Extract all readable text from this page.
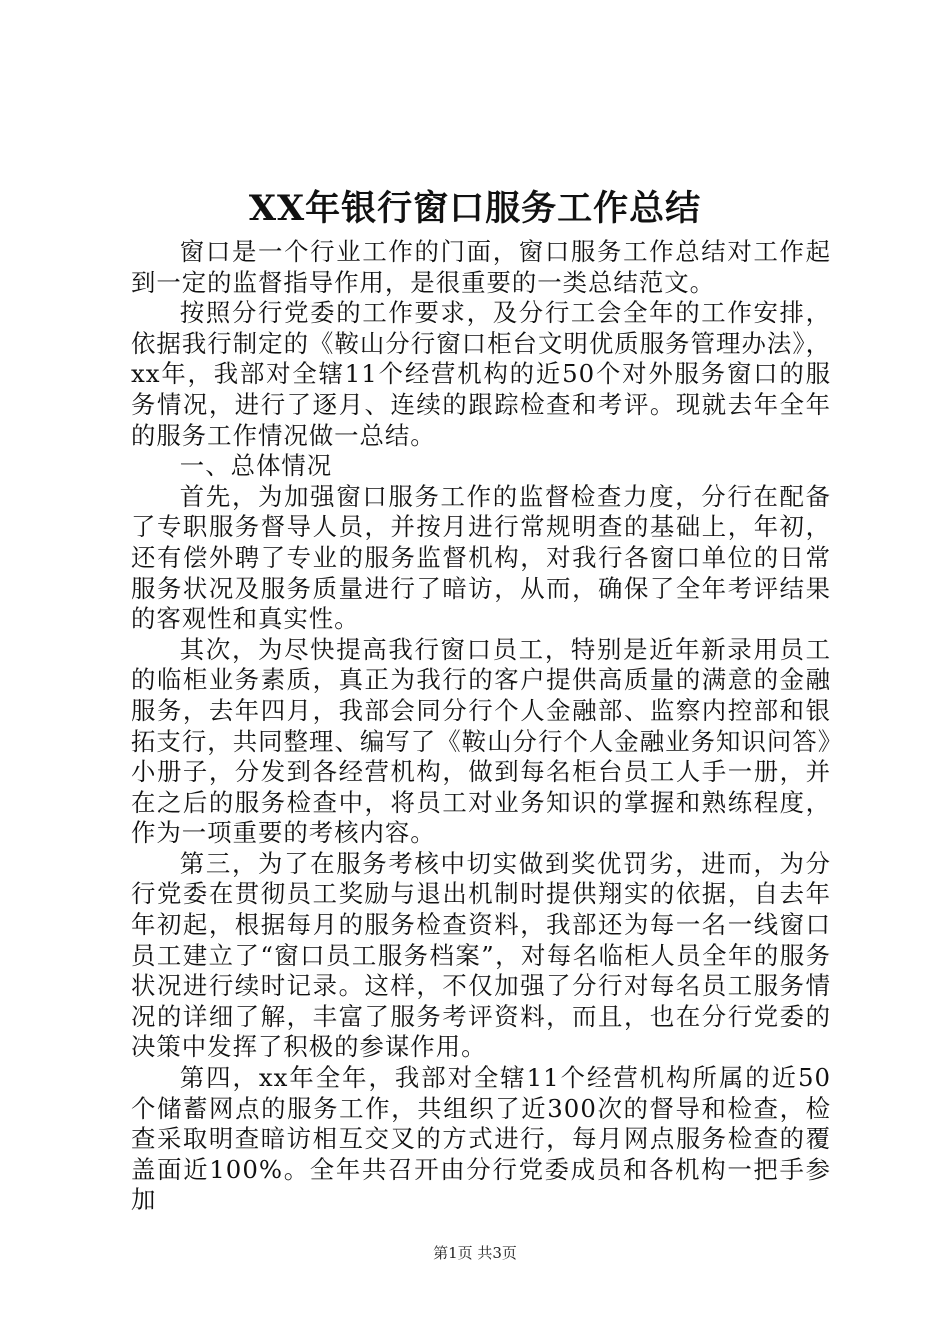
XX年银行窗口服务工作总结

窗口是一个行业工作的门面，窗口服务工作总结对工作起到一定的监督指导作用，是很重要的一类总结范文。

按照分行党委的工作要求，及分行工会全年的工作安排，依据我行制定的《鞍山分行窗口柜台文明优质服务管理办法》，xx年，我部对全辖11个经营机构的近50个对外服务窗口的服务情况，进行了逐月、连续的跟踪检查和考评。现就去年全年的服务工作情况做一总结。

一、总体情况

首先，为加强窗口服务工作的监督检查力度，分行在配备了专职服务督导人员，并按月进行常规明查的基础上，年初，还有偿外聘了专业的服务监督机构，对我行各窗口单位的日常服务状况及服务质量进行了暗访，从而，确保了全年考评结果的客观性和真实性。

其次，为尽快提高我行窗口员工，特别是近年新录用员工的临柜业务素质，真正为我行的客户提供高质量的满意的金融服务，去年四月，我部会同分行个人金融部、监察内控部和银拓支行，共同整理、编写了《鞍山分行个人金融业务知识问答》小册子，分发到各经营机构，做到每名柜台员工人手一册，并在之后的服务检查中，将员工对业务知识的掌握和熟练程度，作为一项重要的考核内容。

第三，为了在服务考核中切实做到奖优罚劣，进而，为分行党委在贯彻员工奖励与退出机制时提供翔实的依据，自去年年初起，根据每月的服务检查资料，我部还为每一名一线窗口员工建立了“窗口员工服务档案”，对每名临柜人员全年的服务状况进行续时记录。这样，不仅加强了分行对每名员工服务情况的详细了解，丰富了服务考评资料，而且，也在分行党委的决策中发挥了积极的参谋作用。

第四，xx年全年，我部对全辖11个经营机构所属的近50个储蓄网点的服务工作，共组织了近300次的督导和检查，检查采取明查暗访相互交叉的方式进行，每月网点服务检查的覆盖面近100%。全年共召开由分行党委成员和各机构一把手参加

第1页 共3页
